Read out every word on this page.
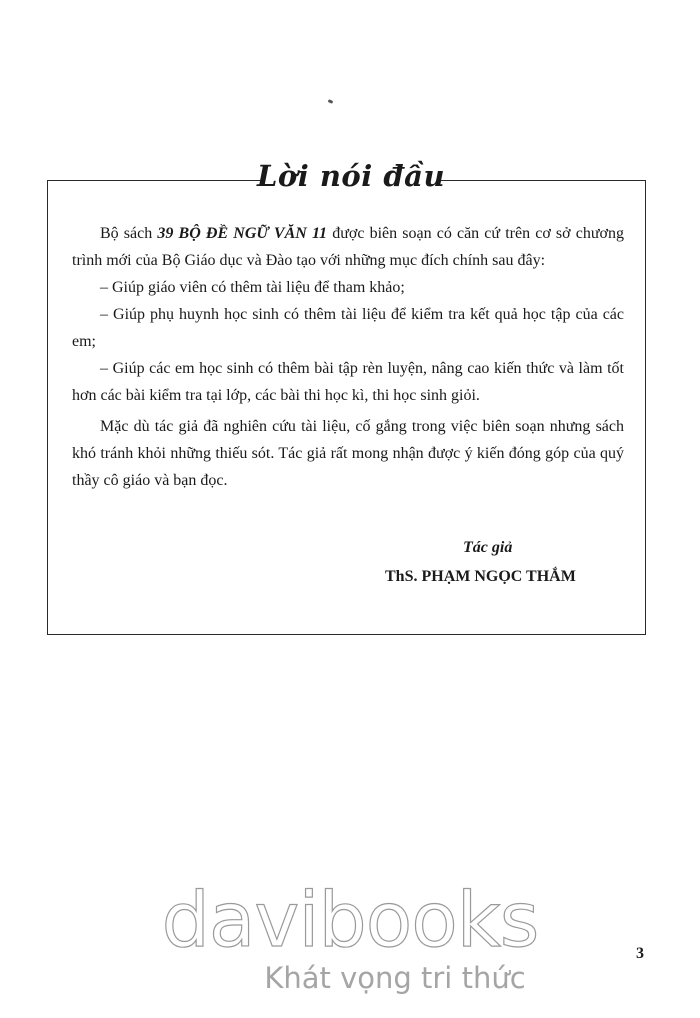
Lời nói đầu

Bộ sách 39 BỘ ĐỀ NGỮ VĂN 11 được biên soạn có căn cứ trên cơ sở chương trình mới của Bộ Giáo dục và Đào tạo với những mục đích chính sau đây:

– Giúp giáo viên có thêm tài liệu để tham khảo;

– Giúp phụ huynh học sinh có thêm tài liệu để kiểm tra kết quả học tập của các em;

– Giúp các em học sinh có thêm bài tập rèn luyện, nâng cao kiến thức và làm tốt hơn các bài kiểm tra tại lớp, các bài thi học kì, thi học sinh giỏi.

Mặc dù tác giả đã nghiên cứu tài liệu, cố gắng trong việc biên soạn nhưng sách khó tránh khỏi những thiếu sót. Tác giả rất mong nhận được ý kiến đóng góp của quý thầy cô giáo và bạn đọc.

Tác giả
ThS. PHẠM NGỌC THẮM
davibooks
Khát vọng tri thức
3
